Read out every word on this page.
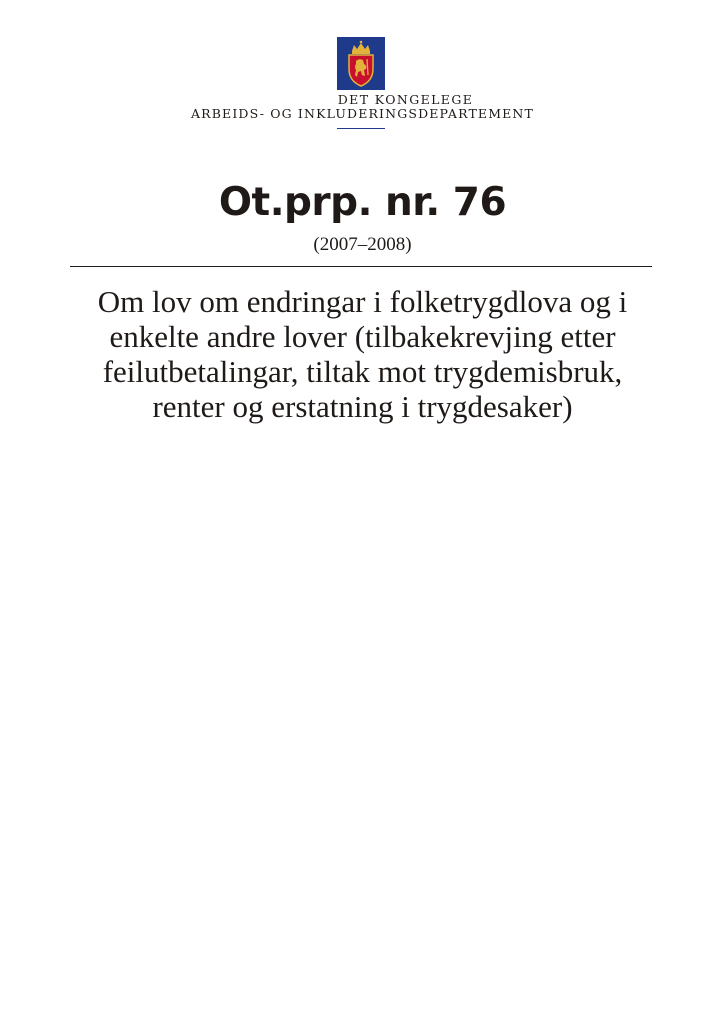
DET KONGELEGE
ARBEIDS- OG INKLUDERINGSDEPARTEMENT
Ot.prp. nr. 76
(2007–2008)
Om lov om endringar i folketrygdlova og i
enkelte andre lover (tilbakekrevjing etter
feilutbetalingar, tiltak mot trygdemisbruk,
renter og erstatning i trygdesaker)
